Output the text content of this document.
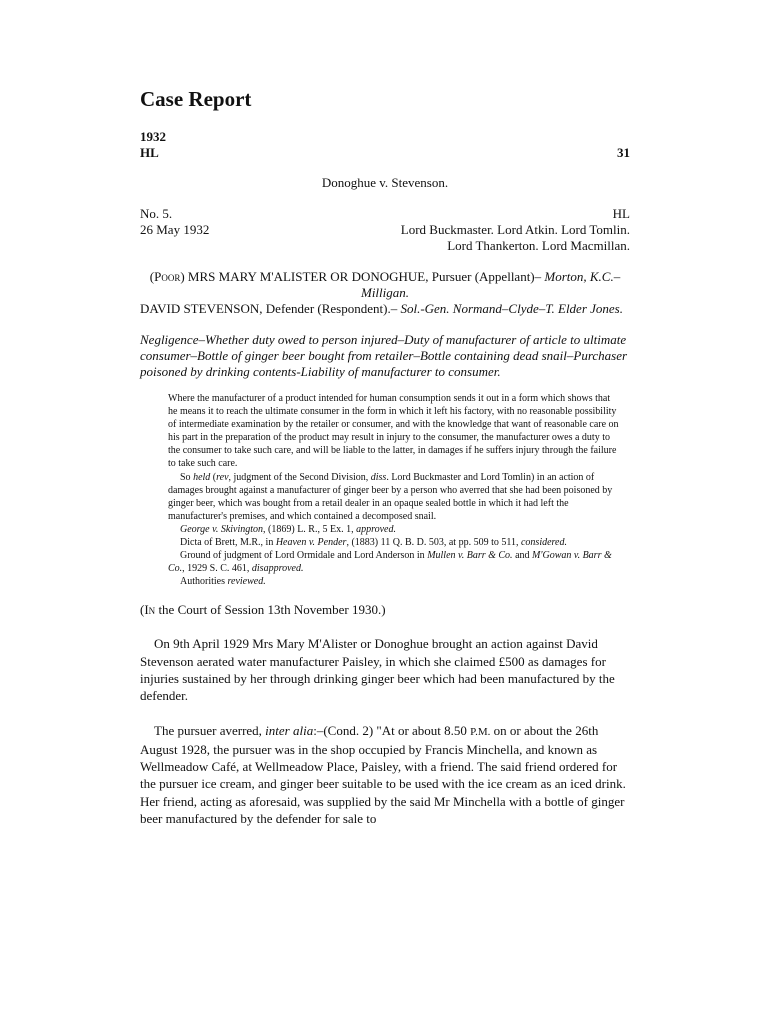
Case Report
1932
HL	31
Donoghue v. Stevenson.
No. 5.
26 May 1932
HL
Lord Buckmaster. Lord Atkin. Lord Tomlin.
Lord Thankerton. Lord Macmillan.
(Poor) MRS MARY M'ALISTER OR DONOGHUE, Pursuer (Appellant)– Morton, K.C.–Milligan.
DAVID STEVENSON, Defender (Respondent).– Sol.-Gen. Normand–Clyde–T. Elder Jones.
Negligence–Whether duty owed to person injured–Duty of manufacturer of article to ultimate consumer–Bottle of ginger beer bought from retailer–Bottle containing dead snail–Purchaser poisoned by drinking contents-Liability of manufacturer to consumer.

Where the manufacturer of a product intended for human consumption sends it out in a form which shows that he means it to reach the ultimate consumer in the form in which it left his factory, with no reasonable possibility of intermediate examination by the retailer or consumer, and with the knowledge that want of reasonable care on his part in the preparation of the product may result in injury to the consumer, the manufacturer owes a duty to the consumer to take such care, and will be liable to the latter, in damages if he suffers injury through the failure to take such care.

So held (rev, judgment of the Second Division, diss. Lord Buckmaster and Lord Tomlin) in an action of damages brought against a manufacturer of ginger beer by a person who averred that she had been poisoned by ginger beer, which was bought from a retail dealer in an opaque sealed bottle in which it had left the manufacturer's premises, and which contained a decomposed snail.

George v. Skivington, (1869) L. R., 5 Ex. 1, approved.

Dicta of Brett, M.R., in Heaven v. Pender, (1883) 11 Q. B. D. 503, at pp. 509 to 511, considered.

Ground of judgment of Lord Ormidale and Lord Anderson in Mullen v. Barr & Co. and M'Gowan v. Barr & Co., 1929 S. C. 461, disapproved.

Authorities reviewed.

(In the Court of Session 13th November 1930.)

On 9th April 1929 Mrs Mary M'Alister or Donoghue brought an action against David Stevenson aerated water manufacturer Paisley, in which she claimed £500 as damages for injuries sustained by her through drinking ginger beer which had been manufactured by the defender.

The pursuer averred, inter alia:–(Cond. 2) "At or about 8.50 P.M. on or about the 26th August 1928, the pursuer was in the shop occupied by Francis Minchella, and known as Wellmeadow Café, at Wellmeadow Place, Paisley, with a friend. The said friend ordered for the pursuer ice cream, and ginger beer suitable to be used with the ice cream as an iced drink. Her friend, acting as aforesaid, was supplied by the said Mr Minchella with a bottle of ginger beer manufactured by the defender for sale to
